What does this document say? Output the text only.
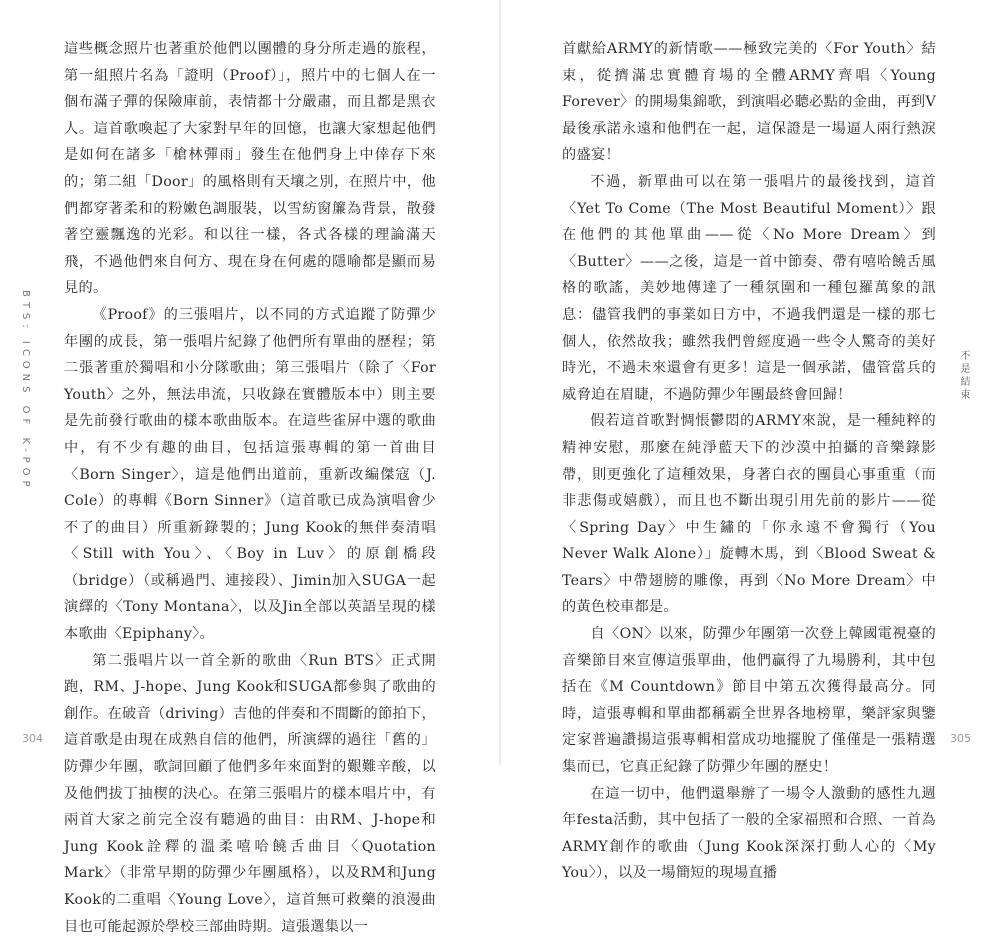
BTS: ICONS OF K-POP

這些概念照片也著重於他們以團體的身分所走過的旅程，第一組照片名為「證明（Proof）」，照片中的七個人在一個布滿子彈的保險庫前，表情都十分嚴肅，而且都是黑衣人。這首歌喚起了大家對早年的回憶，也讓大家想起他們是如何在諸多「槍林彈雨」發生在他們身上中倖存下來的；第二組「Door」的風格則有天壤之別，在照片中，他們都穿著柔和的粉嫩色調服裝，以雪紡窗簾為背景，散發著空靈飄逸的光彩。和以往一樣，各式各樣的理論滿天飛，不過他們來自何方、現在身在何處的隱喻都是顯而易見的。

《Proof》的三張唱片，以不同的方式追蹤了防彈少年團的成長，第一張唱片紀錄了他們所有單曲的歷程；第二張著重於獨唱和小分隊歌曲；第三張唱片（除了〈For Youth〉之外，無法串流，只收錄在實體版本中）則主要是先前發行歌曲的樣本歌曲版本。在這些雀屏中選的歌曲中，有不少有趣的曲目，包括這張專輯的第一首曲目〈Born Singer〉，這是他們出道前，重新改編傑寇（J. Cole）的專輯《Born Sinner》（這首歌已成為演唱會少不了的曲目）所重新錄製的；Jung Kook的無伴奏清唱〈Still with You〉、〈Boy in Luv〉的原創橋段（bridge）（或稱過門、連接段）、Jimin加入SUGA一起演繹的〈Tony Montana〉，以及Jin全部以英語呈現的樣本歌曲〈Epiphany〉。

第二張唱片以一首全新的歌曲〈Run BTS〉正式開跑，RM、J-hope、Jung Kook和SUGA都參與了歌曲的創作。在破音（driving）吉他的伴奏和不間斷的節拍下，這首歌是由現在成熟自信的他們，所演繹的過往「舊的」防彈少年團，歌詞回顧了他們多年來面對的艱難辛酸，以及他們拔丁抽楔的決心。在第三張唱片的樣本唱片中，有兩首大家之前完全沒有聽過的曲目：由RM、J-hope和Jung Kook詮釋的溫柔嘻哈饒舌曲目〈Quotation Mark〉（非常早期的防彈少年團風格），以及RM和Jung Kook的二重唱〈Young Love〉，這首無可救藥的浪漫曲目也可能起源於學校三部曲時期。這張選集以一

304

首獻給ARMY的新情歌——極致完美的〈For Youth〉結束，從擠滿忠實體育場的全體ARMY齊唱〈Young Forever〉的開場集錦歌，到演唱必聽必點的金曲，再到V最後承諾永遠和他們在一起，這保證是一場逼人兩行熱淚的盛宴！

不過，新單曲可以在第一張唱片的最後找到，這首〈Yet To Come（The Most Beautiful Moment）〉跟在他們的其他單曲——從〈No More Dream〉到〈Butter〉——之後，這是一首中節奏、帶有嘻哈饒舌風格的歌謠，美妙地傳達了一種氛圍和一種包羅萬象的訊息：儘管我們的事業如日方中，不過我們還是一樣的那七個人，依然故我；雖然我們曾經度過一些令人驚奇的美好時光，不過未來還會有更多！這是一個承諾，儘管當兵的威脅迫在眉睫，不過防彈少年團最終會回歸！

假若這首歌對惆悵鬱悶的ARMY來說，是一種純粹的精神安慰，那麼在純淨藍天下的沙漠中拍攝的音樂錄影帶，則更強化了這種效果，身著白衣的團員心事重重（而非悲傷或嬉戲），而且也不斷出現引用先前的影片——從〈Spring Day〉中生鏽的「你永遠不會獨行（You Never Walk Alone）」旋轉木馬，到〈Blood Sweat & Tears〉中帶翅膀的雕像，再到〈No More Dream〉中的黃色校車都是。

自〈ON〉以來，防彈少年團第一次登上韓國電視臺的音樂節目來宣傳這張單曲，他們贏得了九場勝利，其中包括在《M Countdown》節目中第五次獲得最高分。同時，這張專輯和單曲都稱霸全世界各地榜單，樂評家與鑒定家普遍讚揚這張專輯相當成功地擺脫了僅僅是一張精選集而已，它真正紀錄了防彈少年團的歷史！

在這一切中，他們還舉辦了一場令人激動的感性九週年festa活動，其中包括了一般的全家福照和合照、一首為ARMY創作的歌曲（Jung Kook深深打動人心的〈My You〉），以及一場簡短的現場直播

不是結束
305
